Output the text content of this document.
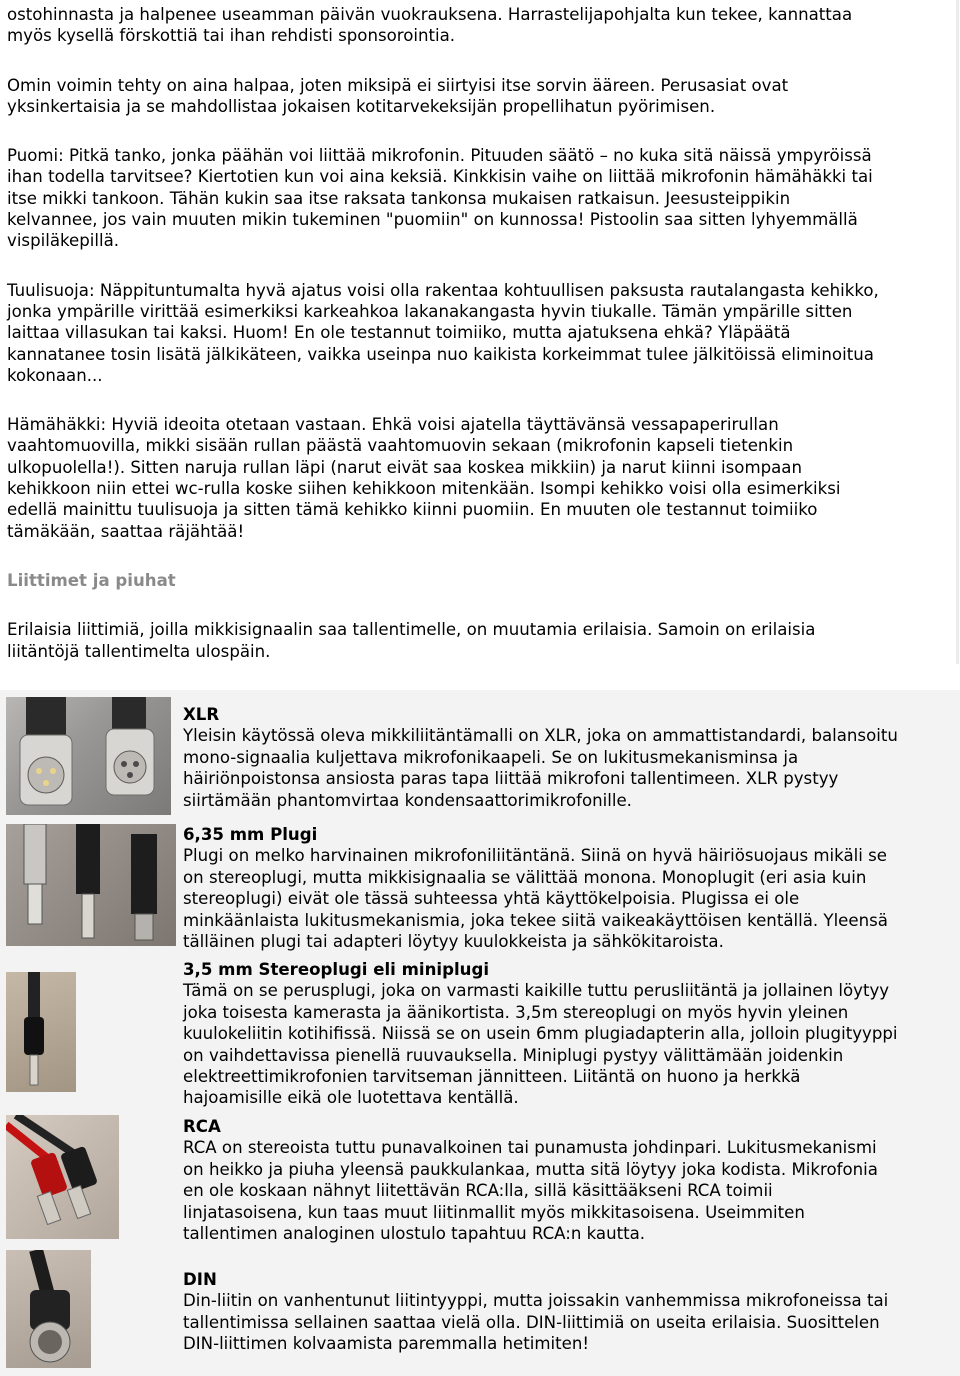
ostohinnasta ja halpenee useamman päivän vuokrauksena. Harrastelijapohjalta kun tekee, kannattaa
myös kysellä förskottiä tai ihan rehdisti sponsorointia.

Omin voimin tehty on aina halpaa, joten miksipä ei siirtyisi itse sorvin ääreen. Perusasiat ovat
yksinkertaisia ja se mahdollistaa jokaisen kotitarvekeksijän propellihatun pyörimisen.

Puomi: Pitkä tanko, jonka päähän voi liittää mikrofonin. Pituuden säätö – no kuka sitä näissä ympyröissä
ihan todella tarvitsee? Kiertotien kun voi aina keksiä. Kinkkisin vaihe on liittää mikrofonin hämähäkki tai
itse mikki tankoon. Tähän kukin saa itse raksata tankonsa mukaisen ratkaisun. Jeesusteippikin
kelvannee, jos vain muuten mikin tukeminen "puomiin" on kunnossa! Pistoolin saa sitten lyhyemmällä
vispiläkepillä.

Tuulisuoja: Näppituntumalta hyvä ajatus voisi olla rakentaa kohtuullisen paksusta rautalangasta kehikko,
jonka ympärille virittää esimerkiksi karkeahkoa lakanakangasta hyvin tiukalle. Tämän ympärille sitten
laittaa villasukan tai kaksi. Huom! En ole testannut toimiiko, mutta ajatuksena ehkä? Yläpäätä
kannatanee tosin lisätä jälkikäteen, vaikka useinpa nuo kaikista korkeimmat tulee jälkitöissä eliminoitua
kokonaan...

Hämähäkki: Hyviä ideoita otetaan vastaan. Ehkä voisi ajatella täyttävänsä vessapaperirullan
vaahtomuovilla, mikki sisään rullan päästä vaahtomuovin sekaan (mikrofonin kapseli tietenkin
ulkopuolella!). Sitten naruja rullan läpi (narut eivät saa koskea mikkiin) ja narut kiinni isompaan
kehikkoon niin ettei wc-rulla koske siihen kehikkoon mitenkään. Isompi kehikko voisi olla esimerkiksi
edellä mainittu tuulisuoja ja sitten tämä kehikko kiinni puomiin. En muuten ole testannut toimiiko
tämäkään, saattaa räjähtää!

Liittimet ja piuhat

Erilaisia liittimiä, joilla mikkisignaalin saa tallentimelle, on muutamia erilaisia. Samoin on erilaisia
liitäntöjä tallentimelta ulospäin.

XLR
Yleisin käytössä oleva mikkiliitäntämalli on XLR, joka on ammattistandardi, balansoitu
mono-signaalia kuljettava mikrofonikaapeli. Se on lukitusmekanisminsa ja
häiriönpoistonsa ansiosta paras tapa liittää mikrofoni tallentimeen. XLR pystyy
siirtämään phantomvirtaa kondensaattorimikrofonille.
6,35 mm Plugi
Plugi on melko harvinainen mikrofoniliitäntänä. Siinä on hyvä häiriösuojaus mikäli se
on stereoplugi, mutta mikkisignaalia se välittää monona. Monoplugit (eri asia kuin
stereoplugi) eivät ole tässä suhteessa yhtä käyttökelpoisia. Plugissa ei ole
minkäänlaista lukitusmekanismia, joka tekee siitä vaikeakäyttöisen kentällä. Yleensä
tälläinen plugi tai adapteri löytyy kuulokkeista ja sähkökitaroista.
3,5 mm Stereoplugi eli miniplugi
Tämä on se perusplugi, joka on varmasti kaikille tuttu perusliitäntä ja jollainen löytyy
joka toisesta kamerasta ja äänikortista. 3,5m stereoplugi on myös hyvin yleinen
kuulokeliitin kotihifissä. Niissä se on usein 6mm plugiadapterin alla, jolloin plugityyppi
on vaihdettavissa pienellä ruuvauksella. Miniplugi pystyy välittämään joidenkin
elektreettimikrofonien tarvitseman jännitteen. Liitäntä on huono ja herkkä
hajoamisille eikä ole luotettava kentällä.
RCA
RCA on stereoista tuttu punavalkoinen tai punamusta johdinpari. Lukitusmekanismi
on heikko ja piuha yleensä paukkulankaa, mutta sitä löytyy joka kodista. Mikrofonia
en ole koskaan nähnyt liitettävän RCA:lla, sillä käsittääkseni RCA toimii
linjatasoisena, kun taas muut liitinmallit myös mikkitasoisena. Useimmiten
tallentimen analoginen ulostulo tapahtuu RCA:n kautta.
DIN
Din-liitin on vanhentunut liitintyyppi, mutta joissakin vanhemmissa mikrofoneissa tai
tallentimissa sellainen saattaa vielä olla. DIN-liittimiä on useita erilaisia. Suosittelen
DIN-liittimen kolvaamista paremmalla hetimiten!
